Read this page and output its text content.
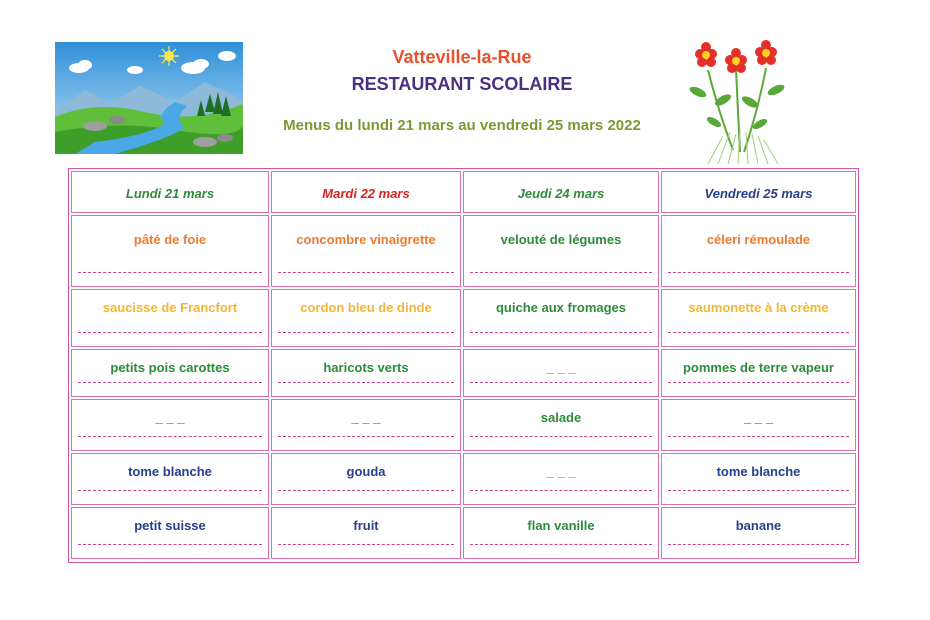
Vatteville-la-Rue
RESTAURANT SCOLAIRE
Menus du lundi 21 mars au vendredi 25 mars 2022
Lundi 21 mars	Mardi 22 mars	Jeudi 24 mars	Vendredi 25 mars
pâté de foie	concombre vinaigrette	velouté de légumes	céleri rémoulade
saucisse de Francfort	cordon bleu de dinde	quiche aux fromages	saumonette à la crème
petits pois carottes	haricots verts	_ _ _	pommes de terre vapeur
_ _ _	_ _ _	salade	_ _ _
tome blanche	gouda	_ _ _	tome blanche
petit suisse	fruit	flan vanille	banane
